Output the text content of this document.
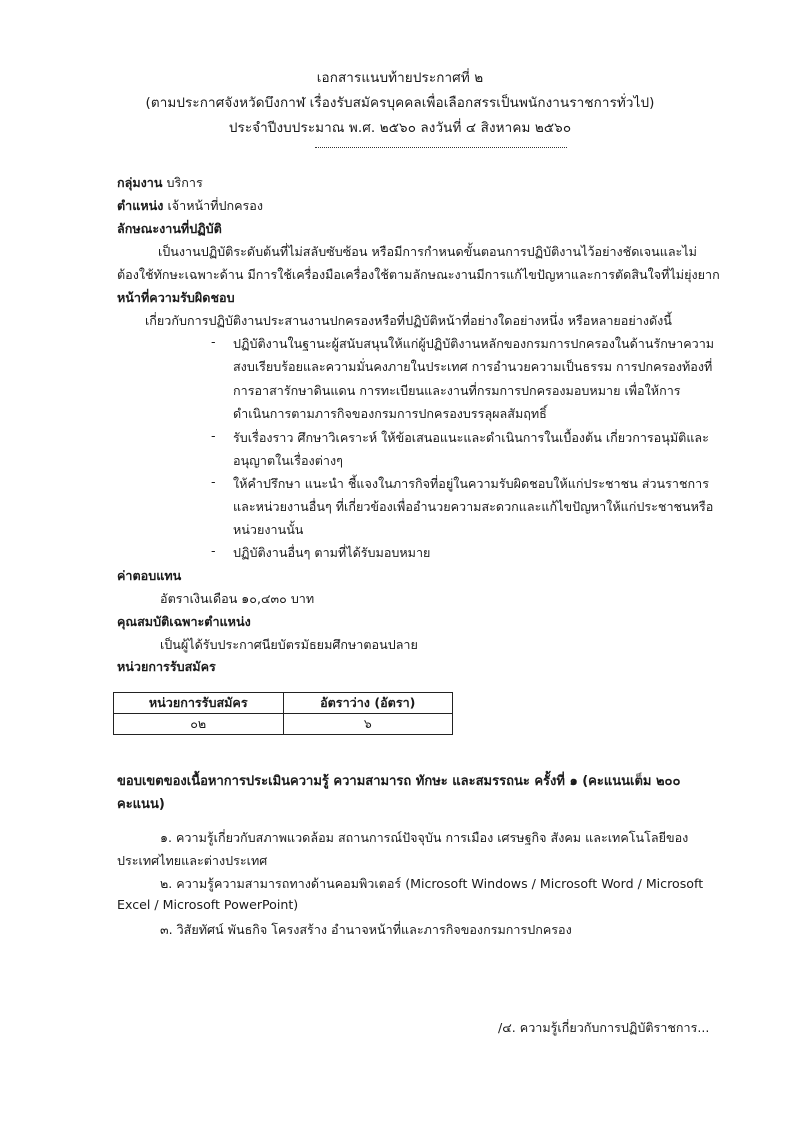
เอกสารแนบท้ายประกาศที่ ๒
(ตามประกาศจังหวัดบึงกาฬ เรื่องรับสมัครบุคคลเพื่อเลือกสรรเป็นพนักงานราชการทั่วไป)
ประจำปีงบประมาณ พ.ศ. ๒๕๖๐ ลงวันที่ ๔ สิงหาคม ๒๕๖๐
กลุ่มงาน บริการ
ตำแหน่ง เจ้าหน้าที่ปกครอง
ลักษณะงานที่ปฏิบัติ
เป็นงานปฏิบัติระดับต้นที่ไม่สลับซับซ้อน หรือมีการกำหนดขั้นตอนการปฏิบัติงานไว้อย่างชัดเจนและไม่
ต้องใช้ทักษะเฉพาะด้าน มีการใช้เครื่องมือเครื่องใช้ตามลักษณะงานมีการแก้ไขปัญหาและการตัดสินใจที่ไม่ยุ่งยาก
หน้าที่ความรับผิดชอบ
เกี่ยวกับการปฏิบัติงานประสานงานปกครองหรือที่ปฏิบัติหน้าที่อย่างใดอย่างหนึ่ง หรือหลายอย่างดังนี้
- ปฏิบัติงานในฐานะผู้สนับสนุนให้แก่ผู้ปฏิบัติงานหลักของกรมการปกครองในด้านรักษาความ
สงบเรียบร้อยและความมั่นคงภายในประเทศ การอำนวยความเป็นธรรม การปกครองท้องที่
การอาสารักษาดินแดน การทะเบียนและงานที่กรมการปกครองมอบหมาย เพื่อให้การ
ดำเนินการตามภารกิจของกรมการปกครองบรรลุผลสัมฤทธิ์
- รับเรื่องราว ศึกษาวิเคราะห์ ให้ข้อเสนอแนะและดำเนินการในเบื้องต้น เกี่ยวการอนุมัติและ
อนุญาตในเรื่องต่างๆ
- ให้คำปรึกษา แนะนำ ชี้แจงในภารกิจที่อยู่ในความรับผิดชอบให้แก่ประชาชน ส่วนราชการ
และหน่วยงานอื่นๆ ที่เกี่ยวข้องเพื่ออำนวยความสะดวกและแก้ไขปัญหาให้แก่ประชาชนหรือ
หน่วยงานนั้น
- ปฏิบัติงานอื่นๆ ตามที่ได้รับมอบหมาย
ค่าตอบแทน
อัตราเงินเดือน ๑๐,๔๓๐ บาท
คุณสมบัติเฉพาะตำแหน่ง
เป็นผู้ได้รับประกาศนียบัตรมัธยมศึกษาตอนปลาย
หน่วยการรับสมัคร
หน่วยการรับสมัคร	อัตราว่าง (อัตรา)
๐๒	๖
ขอบเขตของเนื้อหาการประเมินความรู้ ความสามารถ ทักษะ และสมรรถนะ ครั้งที่ ๑ (คะแนนเต็ม ๒๐๐
คะแนน)
๑. ความรู้เกี่ยวกับสภาพแวดล้อม สถานการณ์ปัจจุบัน การเมือง เศรษฐกิจ สังคม และเทคโนโลยีของ
ประเทศไทยและต่างประเทศ
๒. ความรู้ความสามารถทางด้านคอมพิวเตอร์ (Microsoft Windows / Microsoft Word / Microsoft
Excel / Microsoft PowerPoint)
๓. วิสัยทัศน์ พันธกิจ โครงสร้าง อำนาจหน้าที่และภารกิจของกรมการปกครอง
/๔. ความรู้เกี่ยวกับการปฏิบัติราชการ...
